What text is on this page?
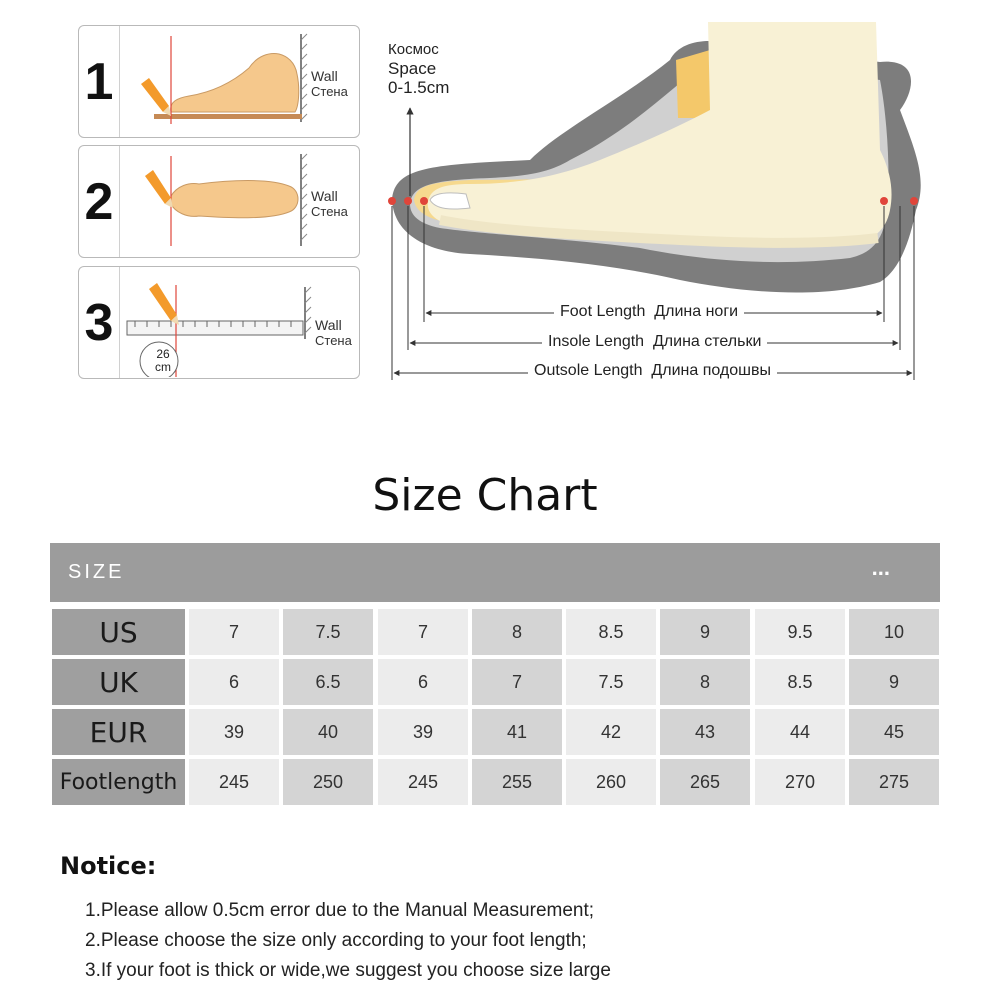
1	Wall
Стена
2	Wall
Стена
3
26
cm
Wall
Стена
Космос
Space
0-1.5cm
Foot Length Длина ноги
Insole Length Длина стельки
Outsole Length Длина подошвы
Size Chart
SIZE	...
US	7	7.5	7	8	8.5	9	9.5	10
UK	6	6.5	6	7	7.5	8	8.5	9
EUR	39	40	39	41	42	43	44	45
Footlength	245	250	245	255	260	265	270	275
Notice:
1.Please allow 0.5cm error due to the Manual Measurement;
2.Please choose the size only according to your foot length;
3.If your foot is thick or wide,we suggest you choose size large
